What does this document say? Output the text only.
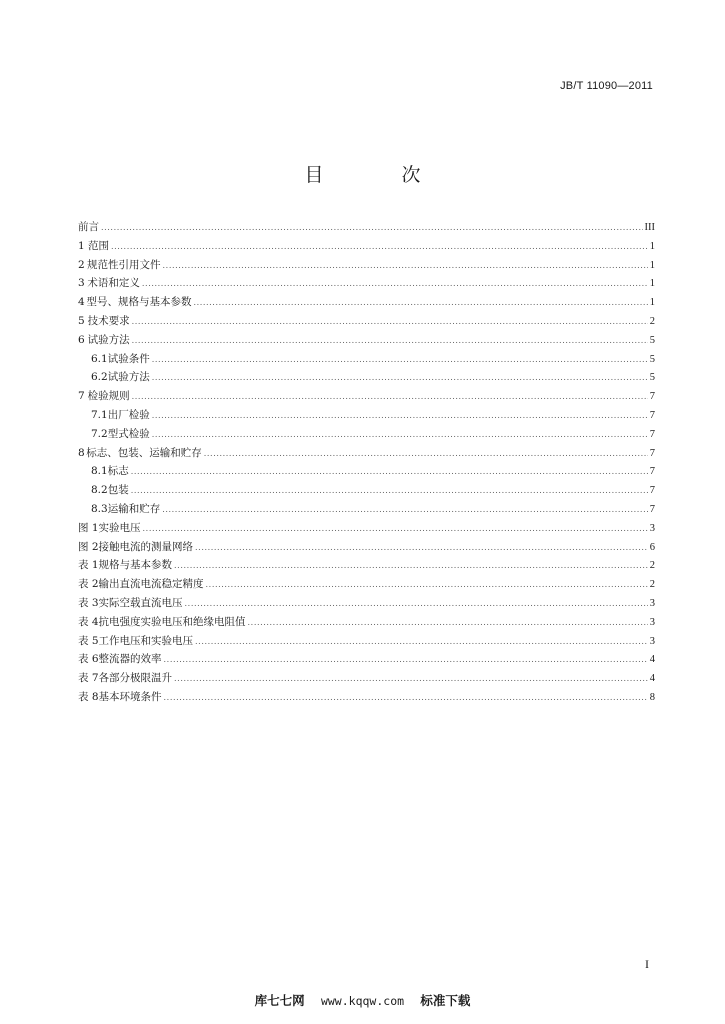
JB/T 11090—2011
目 次
前言 .....	III
1 范围 .....	1
2 规范性引用文件 .....	1
3 术语和定义 .....	1
4 型号、规格与基本参数 .....	1
5 技术要求 .....	2
6 试验方法 .....	5
6.1 试验条件 .....	5
6.2 试验方法 .....	5
7 检验规则 .....	7
7.1 出厂检验 .....	7
7.2 型式检验 .....	7
8 标志、包装、运输和贮存 .....	7
8.1 标志 .....	7
8.2 包装 .....	7
8.3 运输和贮存 .....	7
图 1 实验电压 .....	3
图 2 接触电流的测量网络 .....	6
表 1 规格与基本参数 .....	2
表 2 输出直流电流稳定精度 .....	2
表 3 实际空载直流电压 .....	3
表 4 抗电强度实验电压和绝缘电阻值 .....	3
表 5 工作电压和实验电压 .....	3
表 6 整流器的效率 .....	4
表 7 各部分极限温升 .....	4
表 8 基本环境条件 .....	8
I
库七七网 www.kqqw.com 标准下载
